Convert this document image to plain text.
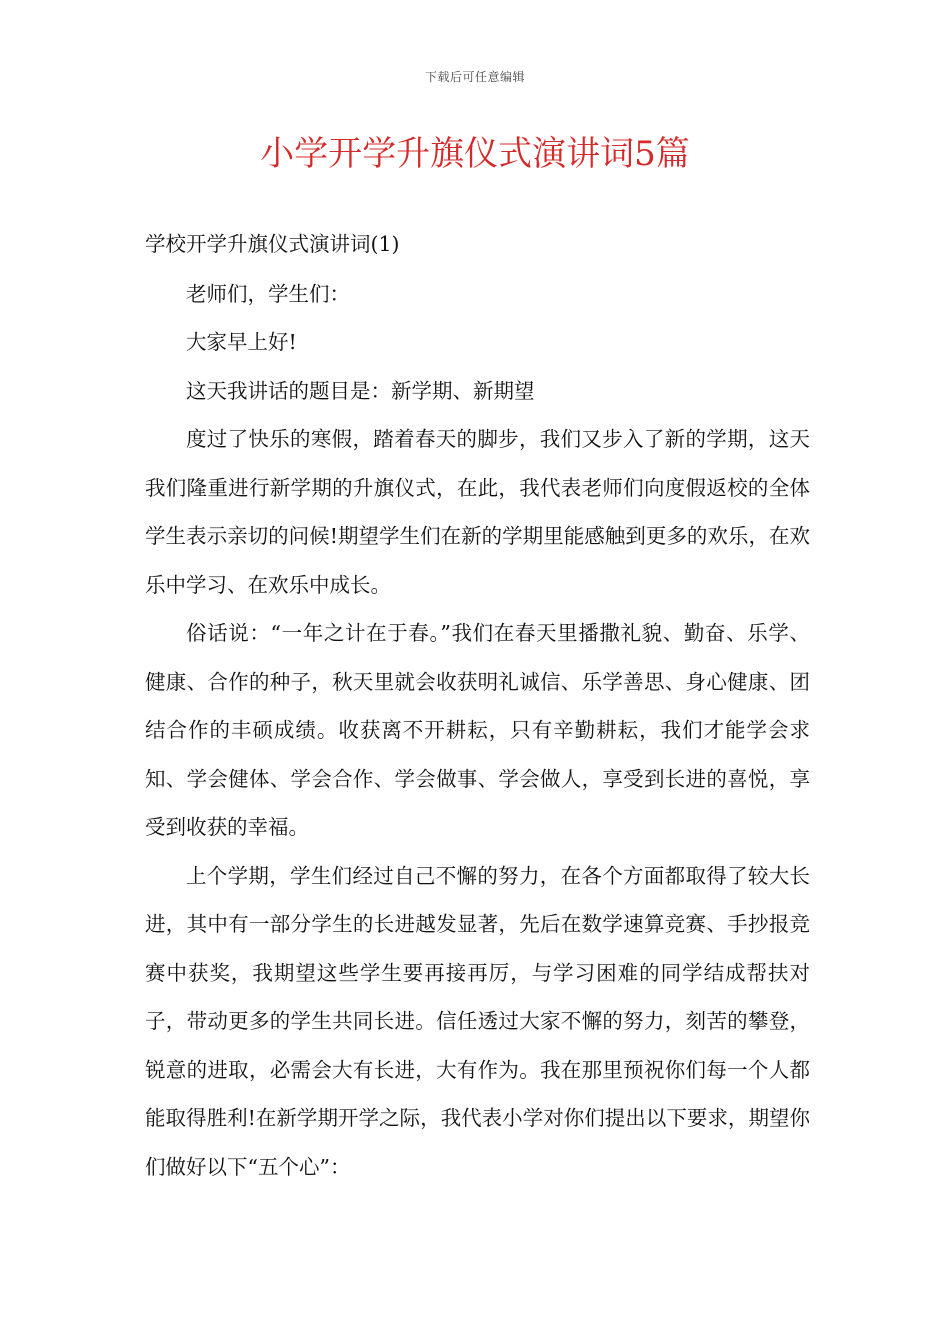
下载后可任意编辑
小学开学升旗仪式演讲词5篇

学校开学升旗仪式演讲词(1)

老师们，学生们：

大家早上好!

这天我讲话的题目是：新学期、新期望

度过了快乐的寒假，踏着春天的脚步，我们又步入了新的学期，这天我们隆重进行新学期的升旗仪式，在此，我代表老师们向度假返校的全体学生表示亲切的问候!期望学生们在新的学期里能感触到更多的欢乐，在欢乐中学习、在欢乐中成长。

俗话说：“一年之计在于春。”我们在春天里播撒礼貌、勤奋、乐学、健康、合作的种子，秋天里就会收获明礼诚信、乐学善思、身心健康、团结合作的丰硕成绩。收获离不开耕耘，只有辛勤耕耘，我们才能学会求知、学会健体、学会合作、学会做事、学会做人，享受到长进的喜悦，享受到收获的幸福。

上个学期，学生们经过自己不懈的努力，在各个方面都取得了较大长进，其中有一部分学生的长进越发显著，先后在数学速算竞赛、手抄报竞赛中获奖，我期望这些学生要再接再厉，与学习困难的同学结成帮扶对子，带动更多的学生共同长进。信任透过大家不懈的努力，刻苦的攀登，锐意的进取，必需会大有长进，大有作为。我在那里预祝你们每一个人都能取得胜利!在新学期开学之际，我代表小学对你们提出以下要求，期望你们做好以下“五个心”：
